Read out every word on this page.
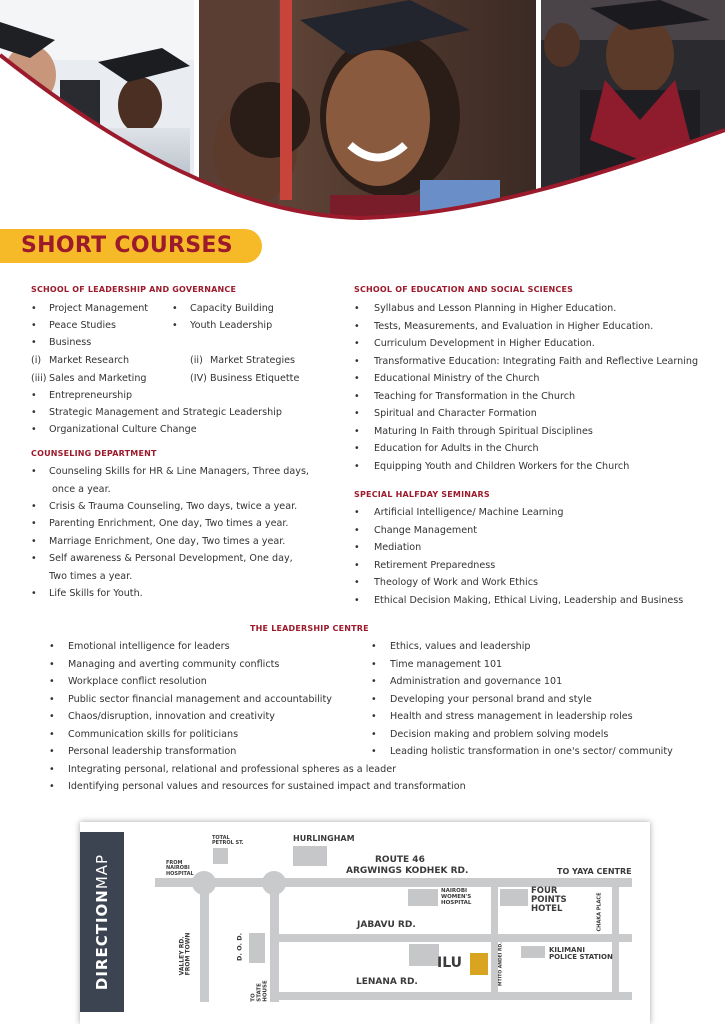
SHORT COURSES
SCHOOL OF LEADERSHIP AND GOVERNANCE
• Project Management
• Peace Studies
• Business
• Capacity Building
• Youth Leadership
(i) Market Research	(ii) Market Strategies
(iii) Sales and Marketing	(IV) Business Etiquette
• Entrepreneurship
• Strategic Management and Strategic Leadership
• Organizational Culture Change
COUNSELING DEPARTMENT
• Counseling Skills for HR & Line Managers, Three days,
once a year.
• Crisis & Trauma Counseling, Two days, twice a year.
• Parenting Enrichment, One day, Two times a year.
• Marriage Enrichment, One day, Two times a year.
• Self awareness & Personal Development, One day,
Two times a year.
• Life Skills for Youth.
SCHOOL OF EDUCATION AND SOCIAL SCIENCES
• Syllabus and Lesson Planning in Higher Education.
• Tests, Measurements, and Evaluation in Higher Education.
• Curriculum Development in Higher Education.
• Transformative Education: Integrating Faith and Reflective Learning
• Educational Ministry of the Church
• Teaching for Transformation in the Church
• Spiritual and Character Formation
• Maturing In Faith through Spiritual Disciplines
• Education for Adults in the Church
• Equipping Youth and Children Workers for the Church
SPECIAL HALFDAY SEMINARS
• Artificial Intelligence/ Machine Learning
• Change Management
• Mediation
• Retirement Preparedness
• Theology of Work and Work Ethics
• Ethical Decision Making, Ethical Living, Leadership and Business
THE LEADERSHIP CENTRE
• Emotional intelligence for leaders
• Managing and averting community conflicts
• Workplace conflict resolution
• Public sector financial management and accountability
• Chaos/disruption, innovation and creativity
• Communication skills for politicians
• Personal leadership transformation
• Integrating personal, relational and professional spheres as a leader
• Identifying personal values and resources for sustained impact and transformation
• Ethics, values and leadership
• Time management 101
• Administration and governance 101
• Developing your personal brand and style
• Health and stress management in leadership roles
• Decision making and problem solving models
• Leading holistic transformation in one's sector/ community
DIRECTIONMAP
TOTAL
PETROL ST.
HURLINGHAM
FROM
NAIROBI
HOSPITAL
ROUTE 46
ARGWINGS KODHEK RD.	TO YAYA CENTRE
NAIROBI
WOMEN'S
HOSPITAL
FOUR
POINTS
HOTEL	CHAKA PLACE
JABAVU RD.
VALLEY RD.
FROM TOWN	D. O. D.	MTITO ANDEI RD.	KILIMANI
POLICE STATION
ILU
TO
STATE
HOUSE	LENANA RD.
